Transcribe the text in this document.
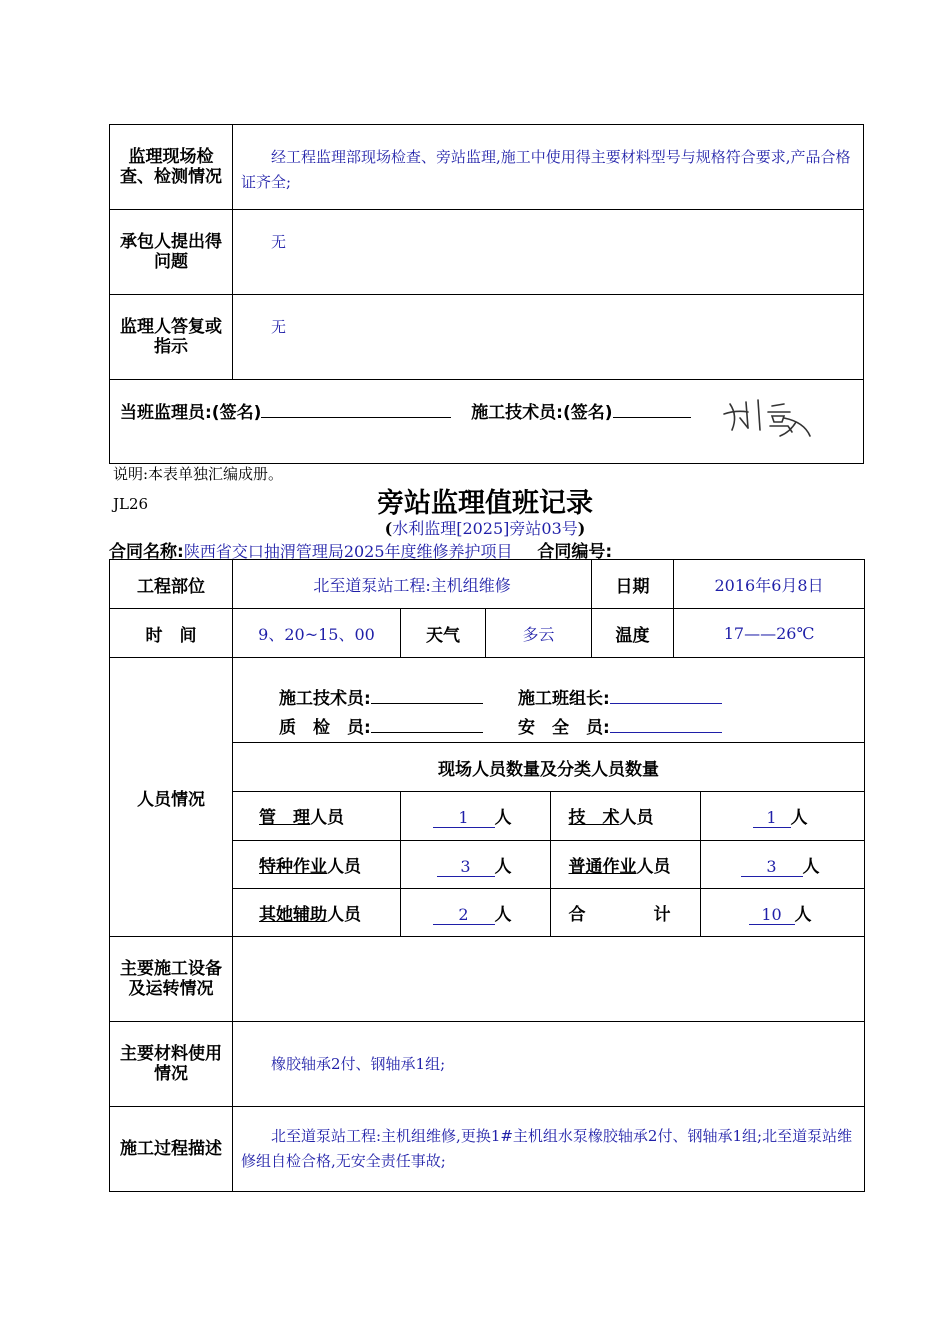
监理现场检查、检测情况	经工程监理部现场检查、旁站监理,施工中使用得主要材料型号与规格符合要求,产品合格证齐全;
承包人提出得问题	无
监理人答复或指示	无
当班监理员:(签名) 施工技术员:(签名)	
说明:本表单独汇编成册。
JL26	旁站监理值班记录
(水利监理[2025]旁站03号)
合同名称:陕西省交口抽渭管理局2025年度维修养护项目 合同编号:
工程部位	北至道泵站工程:主机组维修	日期	2016年6月8日
时　间	9、20~15、00	天气	多云	温度	17——26℃
人员情况	
施工技术员:	施工班组长:
质　检　员:	安　全　员:
现场人员数量及分类人员数量
管　理人员	1 人	技　术人员	1 人
特种作业人员	3 人	普通作业人员	3 人
其她辅助人员	2 人	合　　　　计	10 人

主要施工设备及运转情况	
主要材料使用情况	橡胶轴承2付、钢轴承1组;
施工过程描述	北至道泵站工程:主机组维修,更换1#主机组水泵橡胶轴承2付、钢轴承1组;北至道泵站维修组自检合格,无安全责任事故;
